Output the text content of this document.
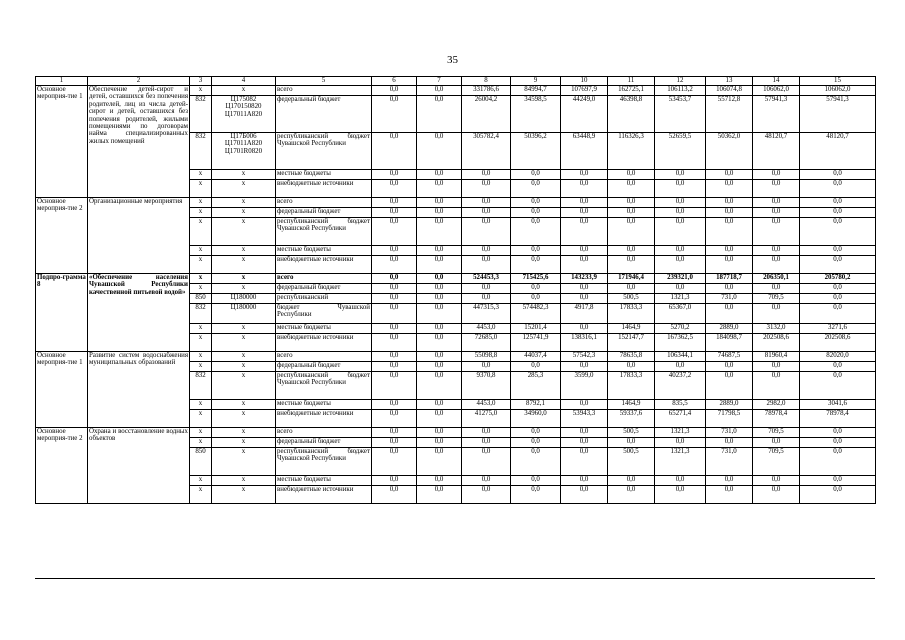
35
1	2	3	4	5	6	7	8	9	10	11	12	13	14	15
Основное мероприя-тие 1	Обеспечение детей-сирот и детей, оставшихся без попечения родителей, лиц из числа детей-сирот и детей, оставшихся без попечения родителей, жилыми помещениями по договорам найма специализированных жилых помещений	х	х	всего	0,0	0,0	331786,6	84994,7	107697,9	162725,1	106113,2	106074,8	106062,0	106062,0
		832	Ц175082 Ц170150820 Ц17011А820	федеральный бюджет	0,0	0,0	26004,2	34598,5	44249,0	46398,8	53453,7	55712,8	57941,3	57941,3
		832	Ц17Б006 Ц17011А820 Ц1701R0820	республиканский бюджет Чувашской Республики	0,0	0,0	305782,4	50396,2	63448,9	116326,3	52659,5	50362,0	48120,7	48120,7
		х	х	местные бюджеты	0,0	0,0	0,0	0,0	0,0	0,0	0,0	0,0	0,0	0,0
		х	х	внебюджетные источники	0,0	0,0	0,0	0,0	0,0	0,0	0,0	0,0	0,0	0,0
Основное мероприя-тие 2	Организационные мероприятия	х	х	всего	0,0	0,0	0,0	0,0	0,0	0,0	0,0	0,0	0,0	0,0
		х	х	федеральный бюджет	0,0	0,0	0,0	0,0	0,0	0,0	0,0	0,0	0,0	0,0
		х	х	республиканский бюджет Чувашской Республики	0,0	0,0	0,0	0,0	0,0	0,0	0,0	0,0	0,0	0,0
		х	х	местные бюджеты	0,0	0,0	0,0	0,0	0,0	0,0	0,0	0,0	0,0	0,0
		х	х	внебюджетные источники	0,0	0,0	0,0	0,0	0,0	0,0	0,0	0,0	0,0	0,0
Подпро-грамма 8	«Обеспечение населения Чувашской Республики качественной питьевой водой»	х	х	всего	0,0	0,0	524453,3	715425,6	143233,9	171946,4	239321,0	187718,7	206350,1	205780,2
		х	х	федеральный бюджет	0,0	0,0	0,0	0,0	0,0	0,0	0,0	0,0	0,0	0,0
		850	Ц180000	республиканский	0,0	0,0	0,0	0,0	0,0	500,5	1321,3	731,0	709,5	0,0
		832	Ц180000	бюджет Чувашской Республики	0,0	0,0	447315,3	574482,3	4917,8	17833,3	65367,0	0,0	0,0	0,0
		х	х	местные бюджеты	0,0	0,0	4453,0	15201,4	0,0	1464,9	5270,2	2889,0	3132,0	3271,6
		х	х	внебюджетные источники	0,0	0,0	72685,0	125741,9	138316,1	152147,7	167362,5	184098,7	202508,6	202508,6
Основное мероприя-тие 1	Развитие систем водоснабжения муниципальных образований	х	х	всего	0,0	0,0	55098,8	44037,4	57542,3	78635,8	106344,1	74687,5	81960,4	82020,0
		х	х	федеральный бюджет	0,0	0,0	0,0	0,0	0,0	0,0	0,0	0,0	0,0	0,0
		832	х	республиканский бюджет Чувашской Республики	0,0	0,0	9370,8	285,3	3599,0	17833,3	40237,2	0,0	0,0	0,0
		х	х	местные бюджеты	0,0	0,0	4453,0	8792,1	0,0	1464,9	835,5	2889,0	2982,0	3041,6
		х	х	внебюджетные источники	0,0	0,0	41275,0	34960,0	53943,3	59337,6	65271,4	71798,5	78978,4	78978,4
Основное мероприя-тие 2	Охрана и восстановление водных объектов	х	х	всего	0,0	0,0	0,0	0,0	0,0	500,5	1321,3	731,0	709,5	0,0
		х	х	федеральный бюджет	0,0	0,0	0,0	0,0	0,0	0,0	0,0	0,0	0,0	0,0
		850	х	республиканский бюджет Чувашской Республики	0,0	0,0	0,0	0,0	0,0	500,5	1321,3	731,0	709,5	0,0
		х	х	местные бюджеты	0,0	0,0	0,0	0,0	0,0	0,0	0,0	0,0	0,0	0,0
		х	х	внебюджетные источники	0,0	0,0	0,0	0,0	0,0	0,0	0,0	0,0	0,0	0,0
